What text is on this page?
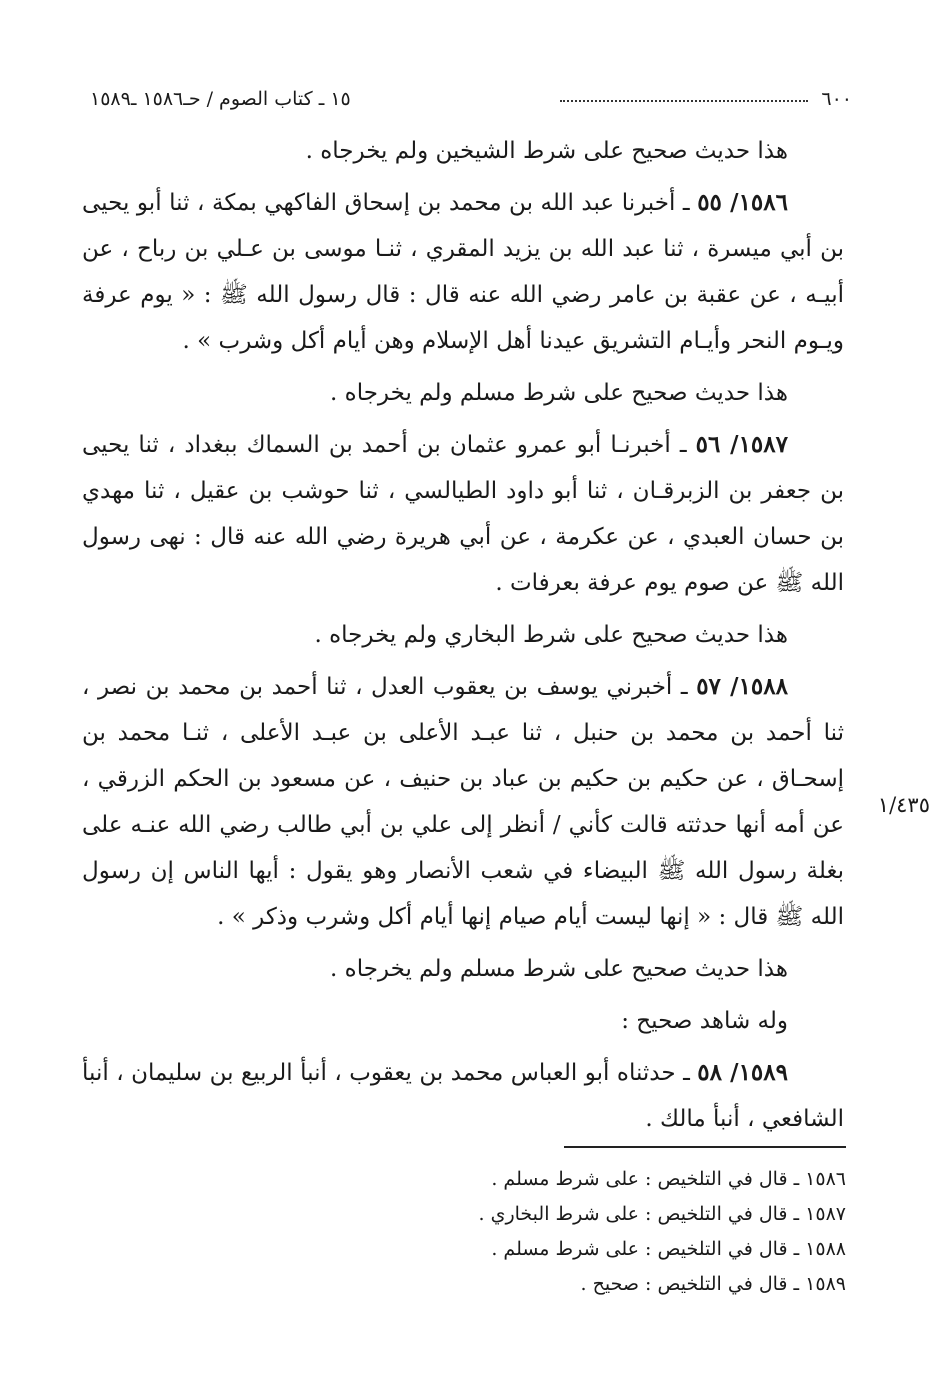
٦٠٠
١٥ ـ كتاب الصوم / حـ١٥٨٦ ـ١٥٨٩

هذا حديث صحيح على شرط الشيخين ولم يخرجاه .

١٥٨٦/ ٥٥ ـ أخبرنا عبد الله بن محمد بن إسحاق الفاكهي بمكة ، ثنا أبو يحيى بن أبي ميسرة ، ثنا عبد الله بن يزيد المقري ، ثنـا موسى بن عـلي بن رباح ، عن أبيـه ، عن عقبة بن عامر رضي الله عنه قال : قال رسول الله ﷺ : « يوم عرفة ويـوم النحر وأيـام التشريق عيدنا أهل الإسلام وهن أيام أكل وشرب » .

هذا حديث صحيح على شرط مسلم ولم يخرجاه .

١٥٨٧/ ٥٦ ـ أخبرنـا أبو عمرو عثمان بن أحمد بن السماك ببغداد ، ثنا يحيى بن جعفر بن الزبرقـان ، ثنا أبو داود الطيالسي ، ثنا حوشب بن عقيل ، ثنا مهدي بن حسان العبدي ، عن عكرمة ، عن أبي هريرة رضي الله عنه قال : نهى رسول الله ﷺ عن صوم يوم عرفة بعرفات .

هذا حديث صحيح على شرط البخاري ولم يخرجاه .

١٥٨٨/ ٥٧ ـ أخبرني يوسف بن يعقوب العدل ، ثنا أحمد بن محمد بن نصر ، ثنا أحمد بن محمد بن حنبل ، ثنا عبـد الأعلى بن عبـد الأعلى ، ثنـا محمد بن إسحـاق ، عن حكيم بن حكيم بن عباد بن حنيف ، عن مسعود بن الحكم الزرقي ، عن أمه أنها حدثته قالت كأني / أنظر إلى علي بن أبي طالب رضي الله عنـه على بغلة رسول الله ﷺ البيضاء في شعب الأنصار وهو يقول : أيها الناس إن رسول الله ﷺ قال : « إنها ليست أيام صيام إنها أيام أكل وشرب وذكر » .

هذا حديث صحيح على شرط مسلم ولم يخرجاه .

وله شاهد صحيح :

١٥٨٩/ ٥٨ ـ حدثناه أبو العباس محمد بن يعقوب ، أنبأ الربيع بن سليمان ، أنبأ الشافعي ، أنبأ مالك .

١/٤٣٥
١٥٨٦ ـ قال في التلخيص : على شرط مسلم .
١٥٨٧ ـ قال في التلخيص : على شرط البخاري .
١٥٨٨ ـ قال في التلخيص : على شرط مسلم .
١٥٨٩ ـ قال في التلخيص : صحيح .
